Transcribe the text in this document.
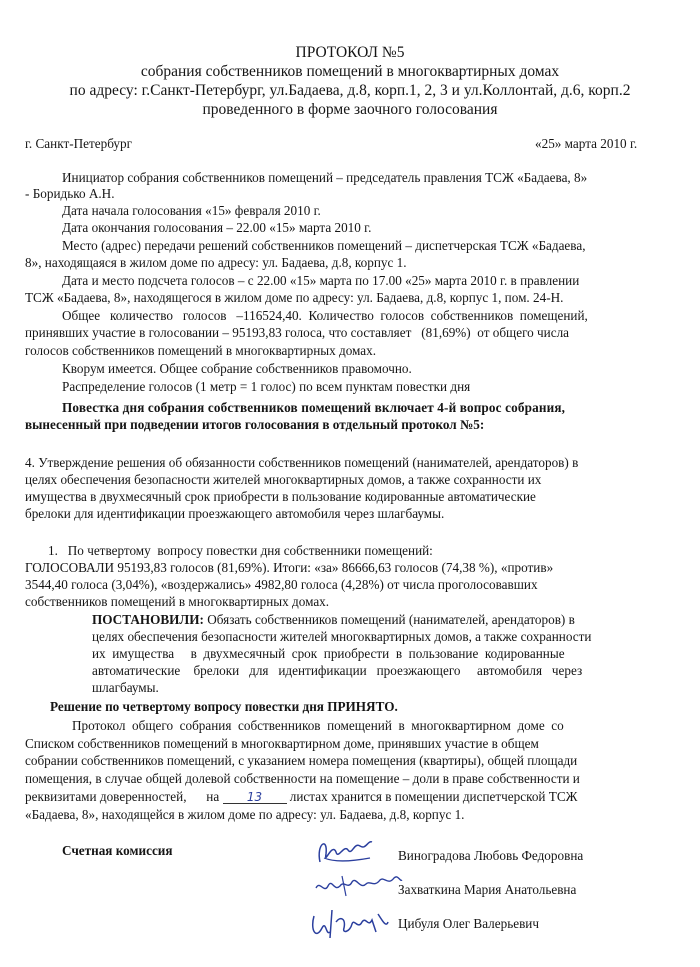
ПРОТОКОЛ №5
собрания собственников помещений в многоквартирных домах
по адресу: г.Санкт-Петербург, ул.Бадаева, д.8, корп.1, 2, 3 и ул.Коллонтай, д.6, корп.2
проведенного в форме заочного голосования
г. Санкт-Петербург	«25» марта 2010 г.
Инициатор собрания собственников помещений – председатель правления ТСЖ «Бадаева, 8»
- Боридько А.Н.
Дата начала голосования «15» февраля 2010 г.
Дата окончания голосования – 22.00 «15» марта 2010 г.
Место (адрес) передачи решений собственников помещений – диспетчерская ТСЖ «Бадаева,
8», находящаяся в жилом доме по адресу: ул. Бадаева, д.8, корпус 1.
Дата и место подсчета голосов – с 22.00 «15» марта по 17.00 «25» марта 2010 г. в правлении
ТСЖ «Бадаева, 8», находящегося в жилом доме по адресу: ул. Бадаева, д.8, корпус 1, пом. 24-Н.
Общее   количество   голосов   –116524,40.  Количество  голосов  собственников  помещений,
принявших участие в голосовании – 95193,83 голоса, что составляет   (81,69%)  от общего числа
голосов собственников помещений в многоквартирных домах.
Кворум имеется. Общее собрание собственников правомочно.
Распределение голосов (1 метр = 1 голос) по всем пунктам повестки дня
Повестка дня собрания собственников помещений включает 4-й вопрос собрания,
вынесенный при подведении итогов голосования в отдельный протокол №5:
4. Утверждение решения об обязанности собственников помещений (нанимателей, арендаторов) в
целях обеспечения безопасности жителей многоквартирных домов, а также сохранности их
имущества в двухмесячный срок приобрести в пользование кодированные автоматические
брелоки для идентификации проезжающего автомобиля через шлагбаумы.
1.   По четвертому  вопросу повестки дня собственники помещений:
ГОЛОСОВАЛИ 95193,83 голосов (81,69%). Итоги: «за» 86666,63 голосов (74,38 %), «против»
3544,40 голоса (3,04%), «воздержались» 4982,80 голоса (4,28%) от числа проголосовавших
собственников помещений в многоквартирных домах.
ПОСТАНОВИЛИ: Обязать собственников помещений (нанимателей, арендаторов) в
целях обеспечения безопасности жителей многоквартирных домов, а также сохранности
их  имущества     в  двухмесячный  срок  приобрести  в  пользование  кодированные
автоматические    брелоки   для   идентификации   проезжающего     автомобиля   через
шлагбаумы.
Решение по четвертому вопросу повестки дня ПРИНЯТО.
Протокол  общего  собрания  собственников  помещений  в  многоквартирном  доме  со
Списком собственников помещений в многоквартирном доме, принявших участие в общем
собрании собственников помещений, с указанием номера помещения (квартиры), общей площади
помещения, в случае общей долевой собственности на помещение – доли в праве собственности и
реквизитами доверенностей,      на 13 листах хранится в помещении диспетчерской ТСЖ
«Бадаева, 8», находящейся в жилом доме по адресу: ул. Бадаева, д.8, корпус 1.
Счетная комиссия	Виноградова Любовь Федоровна
Захваткина Мария Анатольевна
Цибуля Олег Валерьевич
